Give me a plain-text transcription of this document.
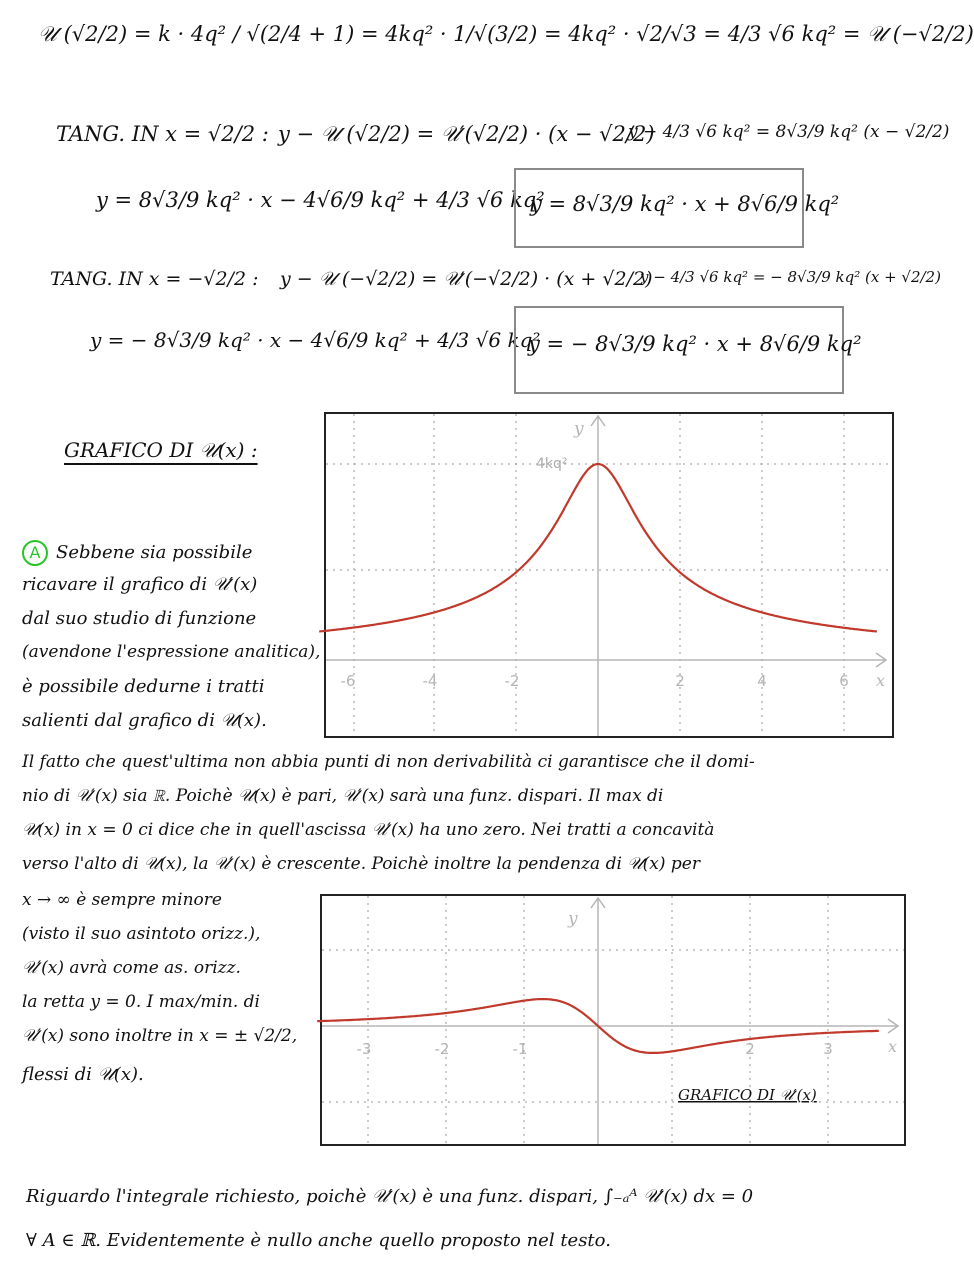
𝒰 (√2/2) = k · 4q² / √(2/4 + 1) = 4kq² · 1/√(3/2) = 4kq² · √2/√3 = 4/3 √6 kq² = 𝒰 (−√2/2)
TANG. IN x = √2/2 : y − 𝒰 (√2/2) = 𝒰′(√2/2) · (x − √2/2)
y − 4/3 √6 kq² = 8√3/9 kq² (x − √2/2)
y = 8√3/9 kq² · x − 4√6/9 kq² + 4/3 √6 kq²
y = 8√3/9 kq² · x + 8√6/9 kq²
TANG. IN x = −√2/2 : y − 𝒰 (−√2/2) = 𝒰′(−√2/2) · (x + √2/2)
y − 4/3 √6 kq² = − 8√3/9 kq² (x + √2/2)
y = − 8√3/9 kq² · x − 4√6/9 kq² + 4/3 √6 kq²
y = − 8√3/9 kq² · x + 8√6/9 kq²
GRAFICO DI 𝒰(x) :
y
x
4kq²
-6	-4	-2	2	4	6
A Sebbene sia possibile
ricavare il grafico di 𝒰′(x)
dal suo studio di funzione
(avendone l'espressione analitica),
è possibile dedurne i tratti
salienti dal grafico di 𝒰(x).
Il fatto che quest'ultima non abbia punti di non derivabilità ci garantisce che il domi-
nio di 𝒰′(x) sia ℝ. Poichè 𝒰(x) è pari, 𝒰′(x) sarà una funz. dispari. Il max di
𝒰(x) in x = 0 ci dice che in quell'ascissa 𝒰′(x) ha uno zero. Nei tratti a concavità
verso l'alto di 𝒰(x), la 𝒰′(x) è crescente. Poichè inoltre la pendenza di 𝒰(x) per
x → ∞ è sempre minore
(visto il suo asintoto orizz.),
𝒰′(x) avrà come as. orizz.
la retta y = 0. I max/min. di
𝒰′(x) sono inoltre in x = ± √2/2,
flessi di 𝒰(x).
y
x
-3	-2	-1	2	3
GRAFICO DI 𝒰′(x)
Riguardo l'integrale richiesto, poichè 𝒰′(x) è una funz. dispari, ∫₋ₐᴬ 𝒰′(x) dx = 0
∀ A ∈ ℝ. Evidentemente è nullo anche quello proposto nel testo.
